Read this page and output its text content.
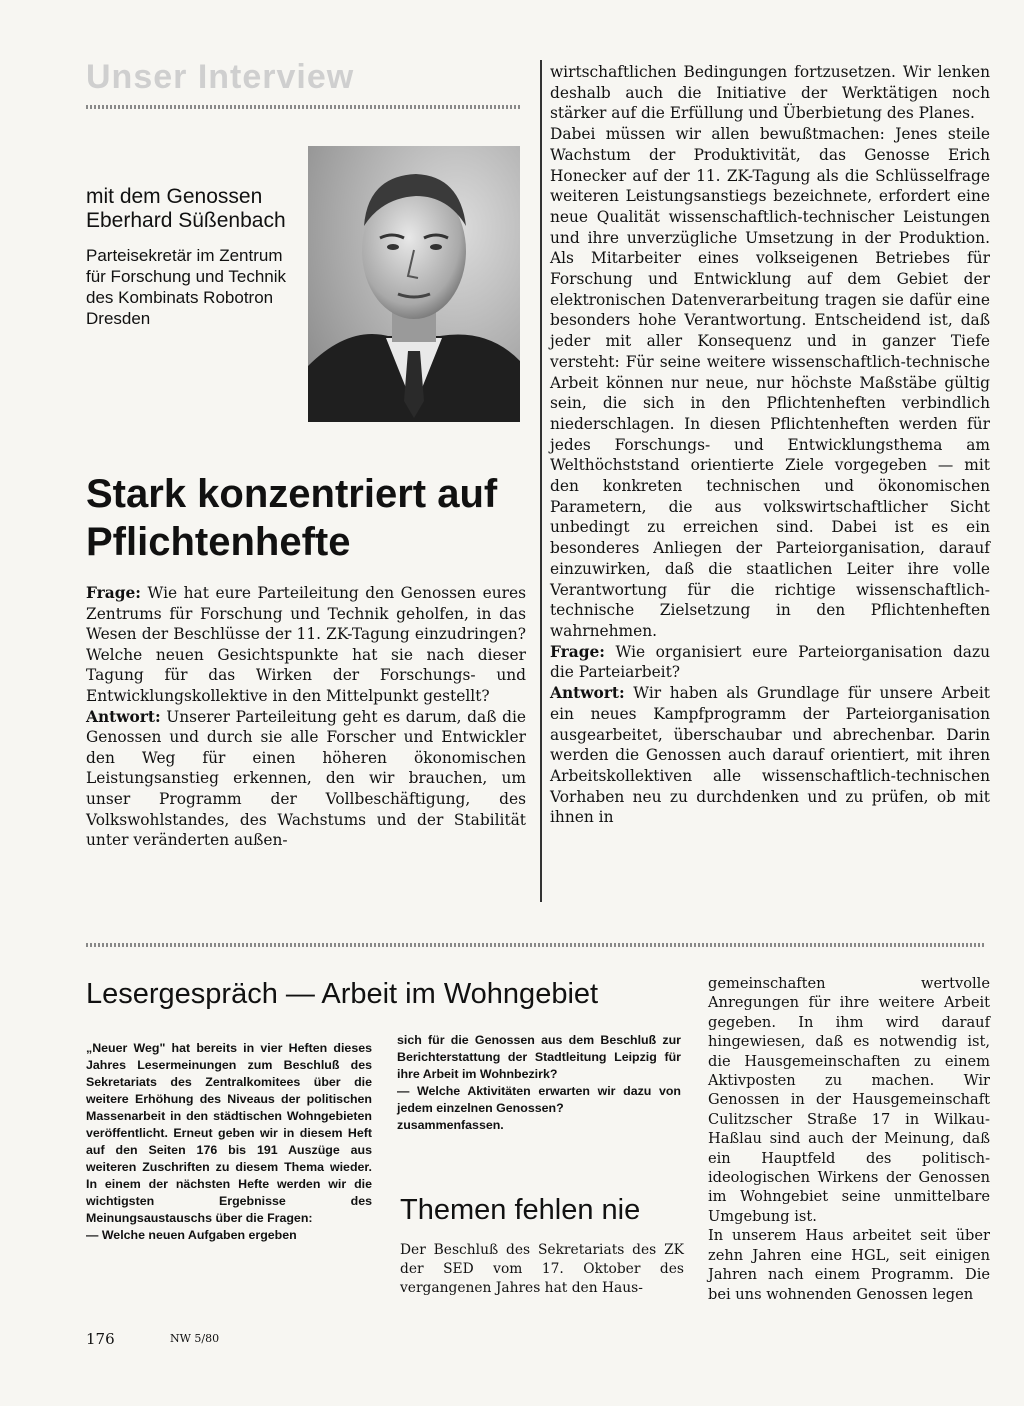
Unser Interview
mit dem Genossen Eberhard Süßenbach
Parteisekretär im Zentrum für Forschung und Technik des Kombinats Robotron Dresden
Stark konzentriert auf Pflichtenhefte

Frage: Wie hat eure Parteileitung den Genossen eures Zentrums für Forschung und Technik geholfen, in das Wesen der Beschlüsse der 11. ZK-Tagung einzudringen? Welche neuen Gesichtspunkte hat sie nach dieser Tagung für das Wirken der Forschungs- und Entwicklungskollektive in den Mittelpunkt gestellt?

Antwort: Unserer Parteileitung geht es darum, daß die Genossen und durch sie alle Forscher und Entwickler den Weg für einen höheren ökonomischen Leistungsanstieg erkennen, den wir brauchen, um unser Programm der Vollbeschäftigung, des Volkswohlstandes, des Wachstums und der Stabilität unter veränderten außen-

wirtschaftlichen Bedingungen fortzusetzen. Wir lenken deshalb auch die Initiative der Werktätigen noch stärker auf die Erfüllung und Überbietung des Planes.

Dabei müssen wir allen bewußtmachen: Jenes steile Wachstum der Produktivität, das Genosse Erich Honecker auf der 11. ZK-Tagung als die Schlüsselfrage weiteren Leistungsanstiegs bezeichnete, erfordert eine neue Qualität wissenschaftlich-technischer Leistungen und ihre unverzügliche Umsetzung in der Produktion. Als Mitarbeiter eines volkseigenen Betriebes für Forschung und Entwicklung auf dem Gebiet der elektronischen Datenverarbeitung tragen sie dafür eine besonders hohe Verantwortung. Entscheidend ist, daß jeder mit aller Konsequenz und in ganzer Tiefe versteht: Für seine weitere wissenschaftlich-technische Arbeit können nur neue, nur höchste Maßstäbe gültig sein, die sich in den Pflichtenheften verbindlich niederschlagen. In diesen Pflichtenheften werden für jedes Forschungs- und Entwicklungsthema am Welthöchststand orientierte Ziele vorgegeben — mit den konkreten technischen und ökonomischen Parametern, die aus volkswirtschaftlicher Sicht unbedingt zu erreichen sind. Dabei ist es ein besonderes Anliegen der Parteiorganisation, darauf einzuwirken, daß die staatlichen Leiter ihre volle Verantwortung für die richtige wissenschaftlich-technische Zielsetzung in den Pflichtenheften wahrnehmen.

Frage: Wie organisiert eure Parteiorganisation dazu die Parteiarbeit?

Antwort: Wir haben als Grundlage für unsere Arbeit ein neues Kampfprogramm der Parteiorganisation ausgearbeitet, überschaubar und abrechenbar. Darin werden die Genossen auch darauf orientiert, mit ihren Arbeitskollektiven alle wissenschaftlich-technischen Vorhaben neu zu durchdenken und zu prüfen, ob mit ihnen in

Lesergespräch — Arbeit im Wohngebiet

„Neuer Weg" hat bereits in vier Heften dieses Jahres Lesermeinungen zum Beschluß des Sekretariats des Zentralkomitees über die weitere Erhöhung des Niveaus der politischen Massenarbeit in den städtischen Wohngebieten veröffentlicht. Erneut geben wir in diesem Heft auf den Seiten 176 bis 191 Auszüge aus weiteren Zuschriften zu diesem Thema wieder. In einem der nächsten Hefte werden wir die wichtigsten Ergebnisse des Meinungsaustauschs über die Fragen:

— Welche neuen Aufgaben ergeben

sich für die Genossen aus dem Beschluß zur Berichterstattung der Stadtleitung Leipzig für ihre Arbeit im Wohnbezirk?

— Welche Aktivitäten erwarten wir dazu von jedem einzelnen Genossen?

zusammenfassen.

Themen fehlen nie
Der Beschluß des Sekretariats des ZK der SED vom 17. Oktober des vergangenen Jahres hat den Haus-

gemeinschaften wertvolle Anregungen für ihre weitere Arbeit gegeben. In ihm wird darauf hingewiesen, daß es notwendig ist, die Hausgemeinschaften zu einem Aktivposten zu machen. Wir Genossen in der Hausgemeinschaft Culitzscher Straße 17 in Wilkau-Haßlau sind auch der Meinung, daß ein Hauptfeld des politisch-ideologischen Wirkens der Genossen im Wohngebiet seine unmittelbare Umgebung ist.

In unserem Haus arbeitet seit über zehn Jahren eine HGL, seit einigen Jahren nach einem Programm. Die bei uns wohnenden Genossen legen

176	NW 5/80
